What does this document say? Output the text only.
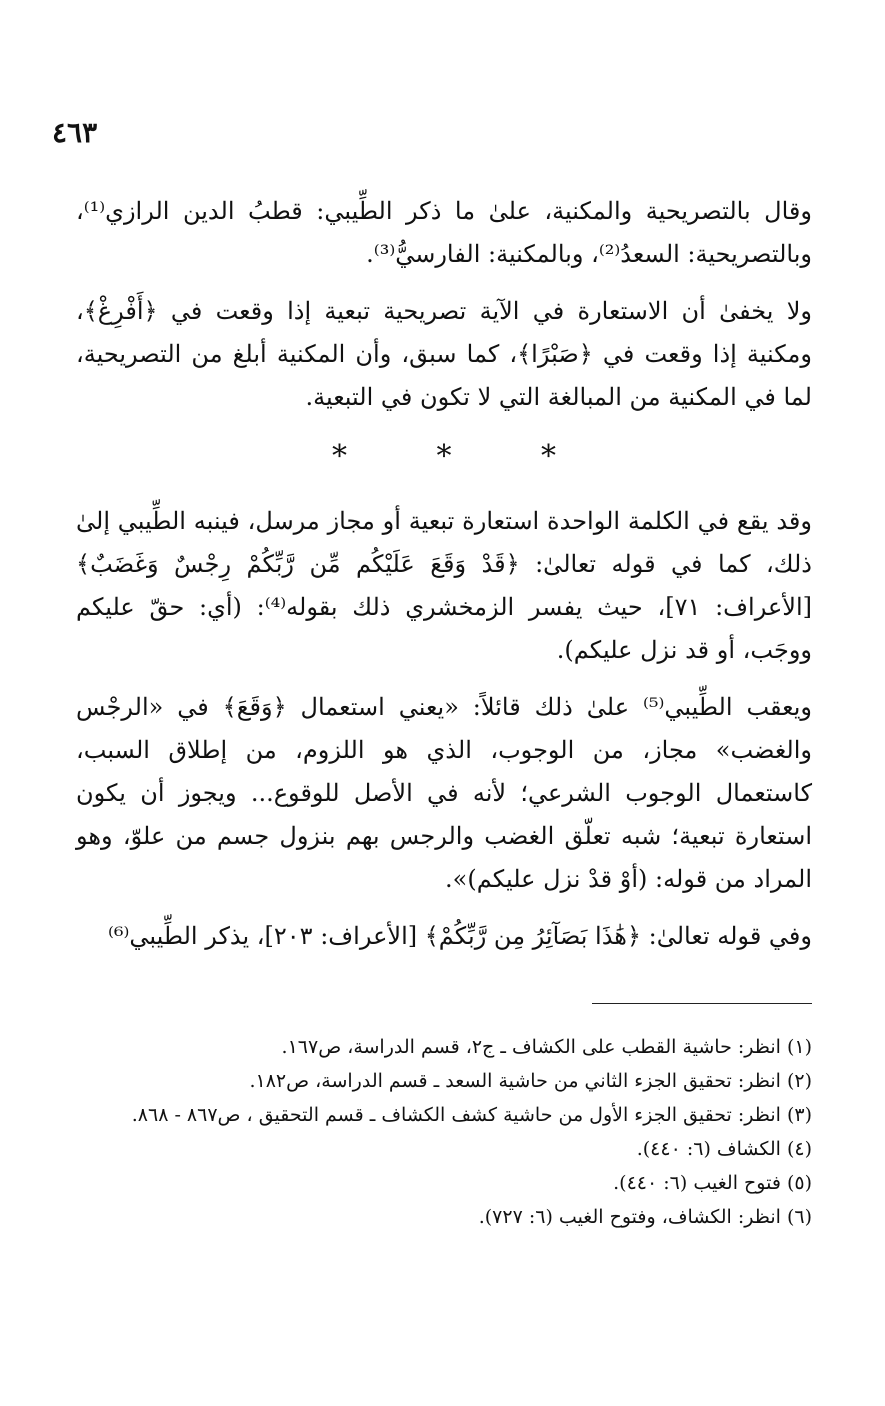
٤٦٣

وقال بالتصريحية والمكنية، علىٰ ما ذكر الطِّيبي: قطبُ الدين الرازي⁽¹⁾، وبالتصريحية: السعدُ⁽²⁾، وبالمكنية: الفارسيُّ⁽³⁾.

ولا يخفىٰ أن الاستعارة في الآية تصريحية تبعية إذا وقعت في ﴿أَفْرِغْ﴾، ومكنية إذا وقعت في ﴿صَبْرًا﴾، كما سبق، وأن المكنية أبلغ من التصريحية، لما في المكنية من المبالغة التي لا تكون في التبعية.

* * *

وقد يقع في الكلمة الواحدة استعارة تبعية أو مجاز مرسل، فينبه الطِّيبي إلىٰ ذلك، كما في قوله تعالىٰ: ﴿قَدْ وَقَعَ عَلَيْكُم مِّن رَّبِّكُمْ رِجْسٌ وَغَضَبٌ﴾ [الأعراف: ٧١]، حيث يفسر الزمخشري ذلك بقوله⁽⁴⁾: (أي: حقّ عليكم ووجَب، أو قد نزل عليكم).

ويعقب الطِّيبي⁽⁵⁾ علىٰ ذلك قائلاً: «يعني استعمال ﴿وَقَعَ﴾ في «الرجْس والغضب» مجاز، من الوجوب، الذي هو اللزوم، من إطلاق السبب، كاستعمال الوجوب الشرعي؛ لأنه في الأصل للوقوع... ويجوز أن يكون استعارة تبعية؛ شبه تعلّق الغضب والرجس بهم بنزول جسم من علوّ، وهو المراد من قوله: (أوْ قدْ نزل عليكم)».

وفي قوله تعالىٰ: ﴿هَٰذَا بَصَآئِرُ مِن رَّبِّكُمْ﴾ [الأعراف: ٢٠٣]، يذكر الطِّيبي⁽⁶⁾

(١) انظر: حاشية القطب على الكشاف ـ ج٢، قسم الدراسة، ص١٦٧.
(٢) انظر: تحقيق الجزء الثاني من حاشية السعد ـ قسم الدراسة، ص١٨٢.
(٣) انظر: تحقيق الجزء الأول من حاشية كشف الكشاف ـ قسم التحقيق ، ص٨٦٧ - ٨٦٨.
(٤) الكشاف (٦: ٤٤٠).
(٥) فتوح الغيب (٦: ٤٤٠).
(٦) انظر: الكشاف، وفتوح الغيب (٦: ٧٢٧).
